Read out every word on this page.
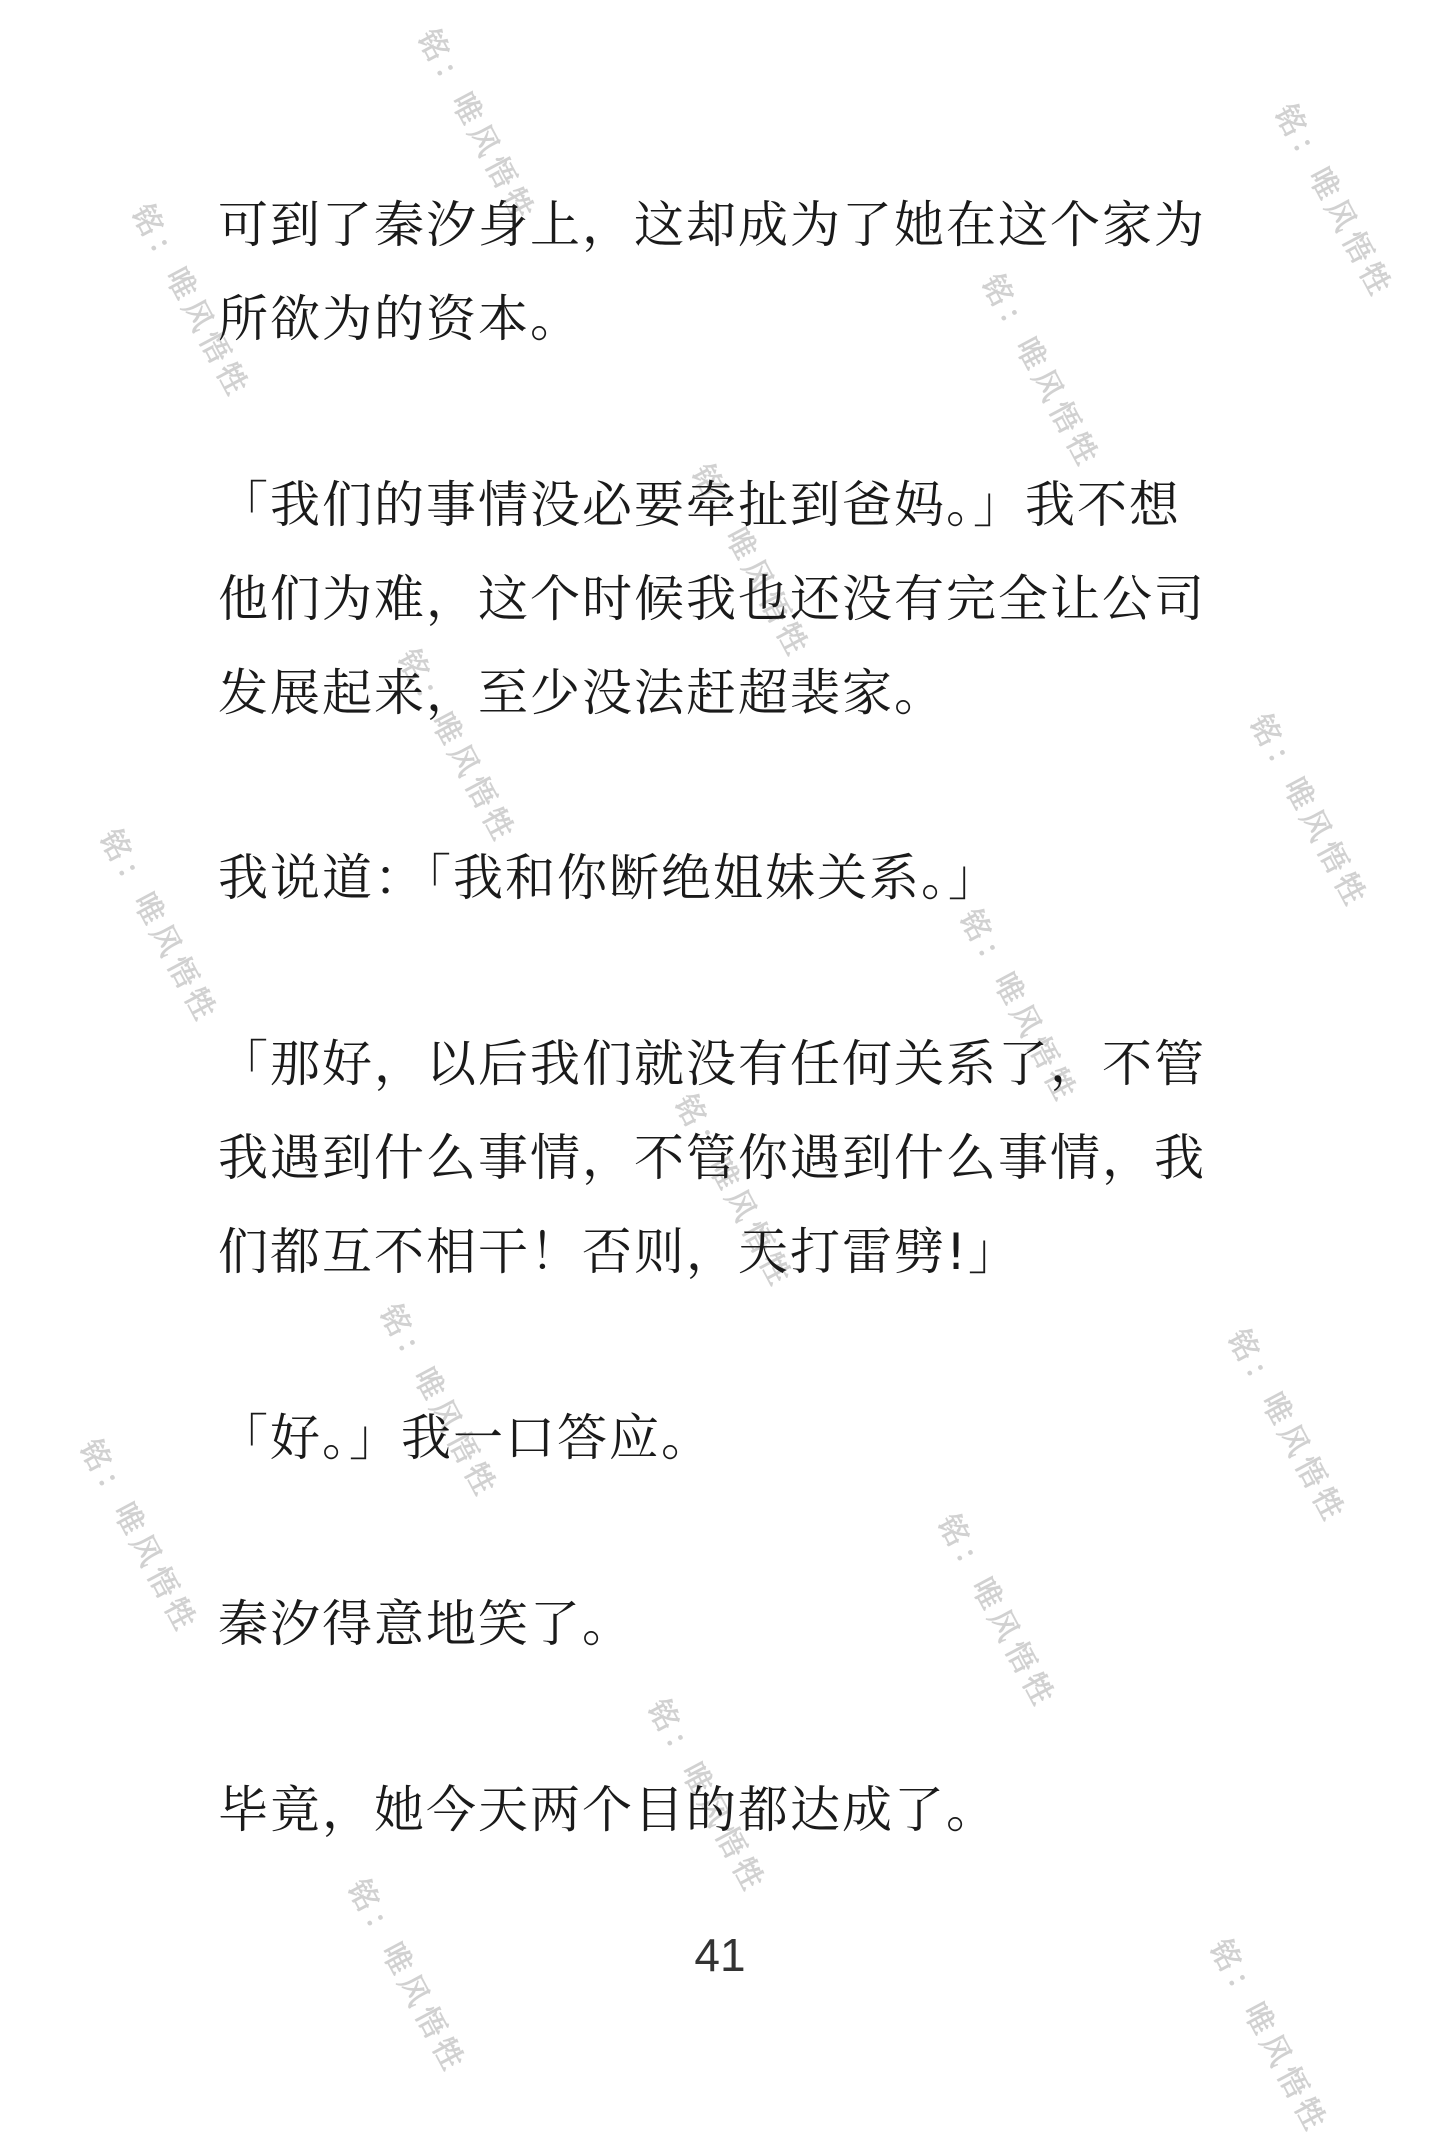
铭：唯风悟牲
铭：唯风悟牲	铭：唯风悟牲
铭：唯风悟牲
铭：唯风悟牲
铭：唯风悟牲	铭：唯风悟牲
铭：唯风悟牲	铭：唯风悟牲
铭：唯风悟牲
铭：唯风悟牲	铭：唯风悟牲
铭：唯风悟牲	铭：唯风悟牲
铭：唯风悟牲
铭：唯风悟牲	铭：唯风悟牲

可到了秦汐身上，这却成为了她在这个家为所欲为的资本。

「我们的事情没必要牵扯到爸妈。」我不想他们为难，这个时候我也还没有完全让公司发展起来，至少没法赶超裴家。

我说道：「我和你断绝姐妹关系。」

「那好，以后我们就没有任何关系了，不管我遇到什么事情，不管你遇到什么事情，我们都互不相干！否则，天打雷劈!」

「好。」我一口答应。

秦汐得意地笑了。

毕竟，她今天两个目的都达成了。

41
